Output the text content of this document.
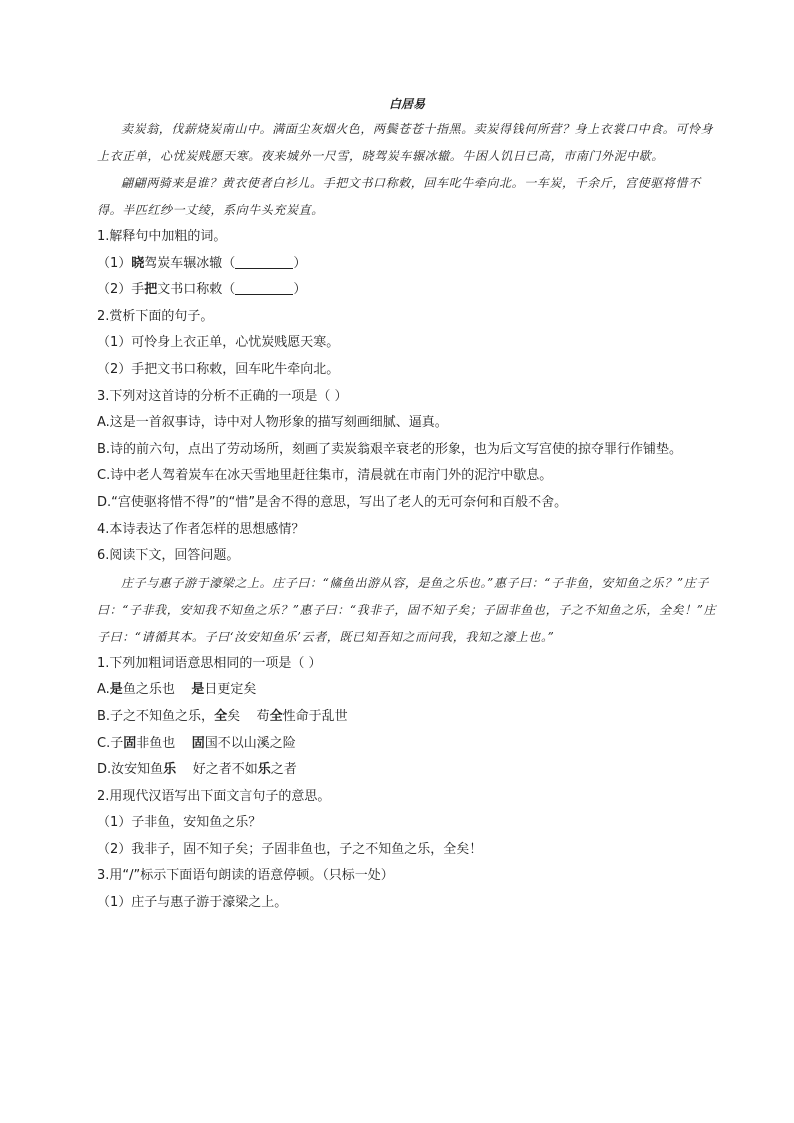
白居易

卖炭翁，伐薪烧炭南山中。满面尘灰烟火色，两鬓苍苍十指黑。卖炭得钱何所营？身上衣裳口中食。可怜身上衣正单，心忧炭贱愿天寒。夜来城外一尺雪，晓驾炭车辗冰辙。牛困人饥日已高，市南门外泥中歇。

翩翩两骑来是谁？黄衣使者白衫儿。手把文书口称敕，回车叱牛牵向北。一车炭，千余斤，宫使驱将惜不得。半匹红纱一丈绫，系向牛头充炭直。

1.解释句中加粗的词。

（1）晓驾炭车辗冰辙（	）

（2）手把文书口称敕（	）

2.赏析下面的句子。

（1）可怜身上衣正单，心忧炭贱愿天寒。

（2）手把文书口称敕，回车叱牛牵向北。

3.下列对这首诗的分析不正确的一项是（ ）

A.这是一首叙事诗，诗中对人物形象的描写刻画细腻、逼真。

B.诗的前六句，点出了劳动场所，刻画了卖炭翁艰辛衰老的形象，也为后文写宫使的掠夺罪行作铺垫。

C.诗中老人驾着炭车在冰天雪地里赶往集市，清晨就在市南门外的泥泞中歇息。

D.“宫使驱将惜不得”的“惜”是舍不得的意思，写出了老人的无可奈何和百般不舍。

4.本诗表达了作者怎样的思想感情？

6.阅读下文，回答问题。

庄子与惠子游于濠梁之上。庄子曰：“鯈鱼出游从容，是鱼之乐也。”惠子曰：“子非鱼，安知鱼之乐？”庄子曰：“子非我，安知我不知鱼之乐？”惠子曰：“我非子，固不知子矣；子固非鱼也，子之不知鱼之乐，全矣！”庄子曰：“请循其本。子曰‘汝安知鱼乐’云者，既已知吾知之而问我，我知之濠上也。”

1.下列加粗词语意思相同的一项是（ ）

A.是鱼之乐也    是日更定矣

B.子之不知鱼之乐，全矣    苟全性命于乱世

C.子固非鱼也    固国不以山溪之险

D.汝安知鱼乐    好之者不如乐之者

2.用现代汉语写出下面文言句子的意思。

（1）子非鱼，安知鱼之乐？

（2）我非子，固不知子矣；子固非鱼也，子之不知鱼之乐，全矣！

3.用“/”标示下面语句朗读的语意停顿。（只标一处）

（1）庄子与惠子游于濠梁之上。
